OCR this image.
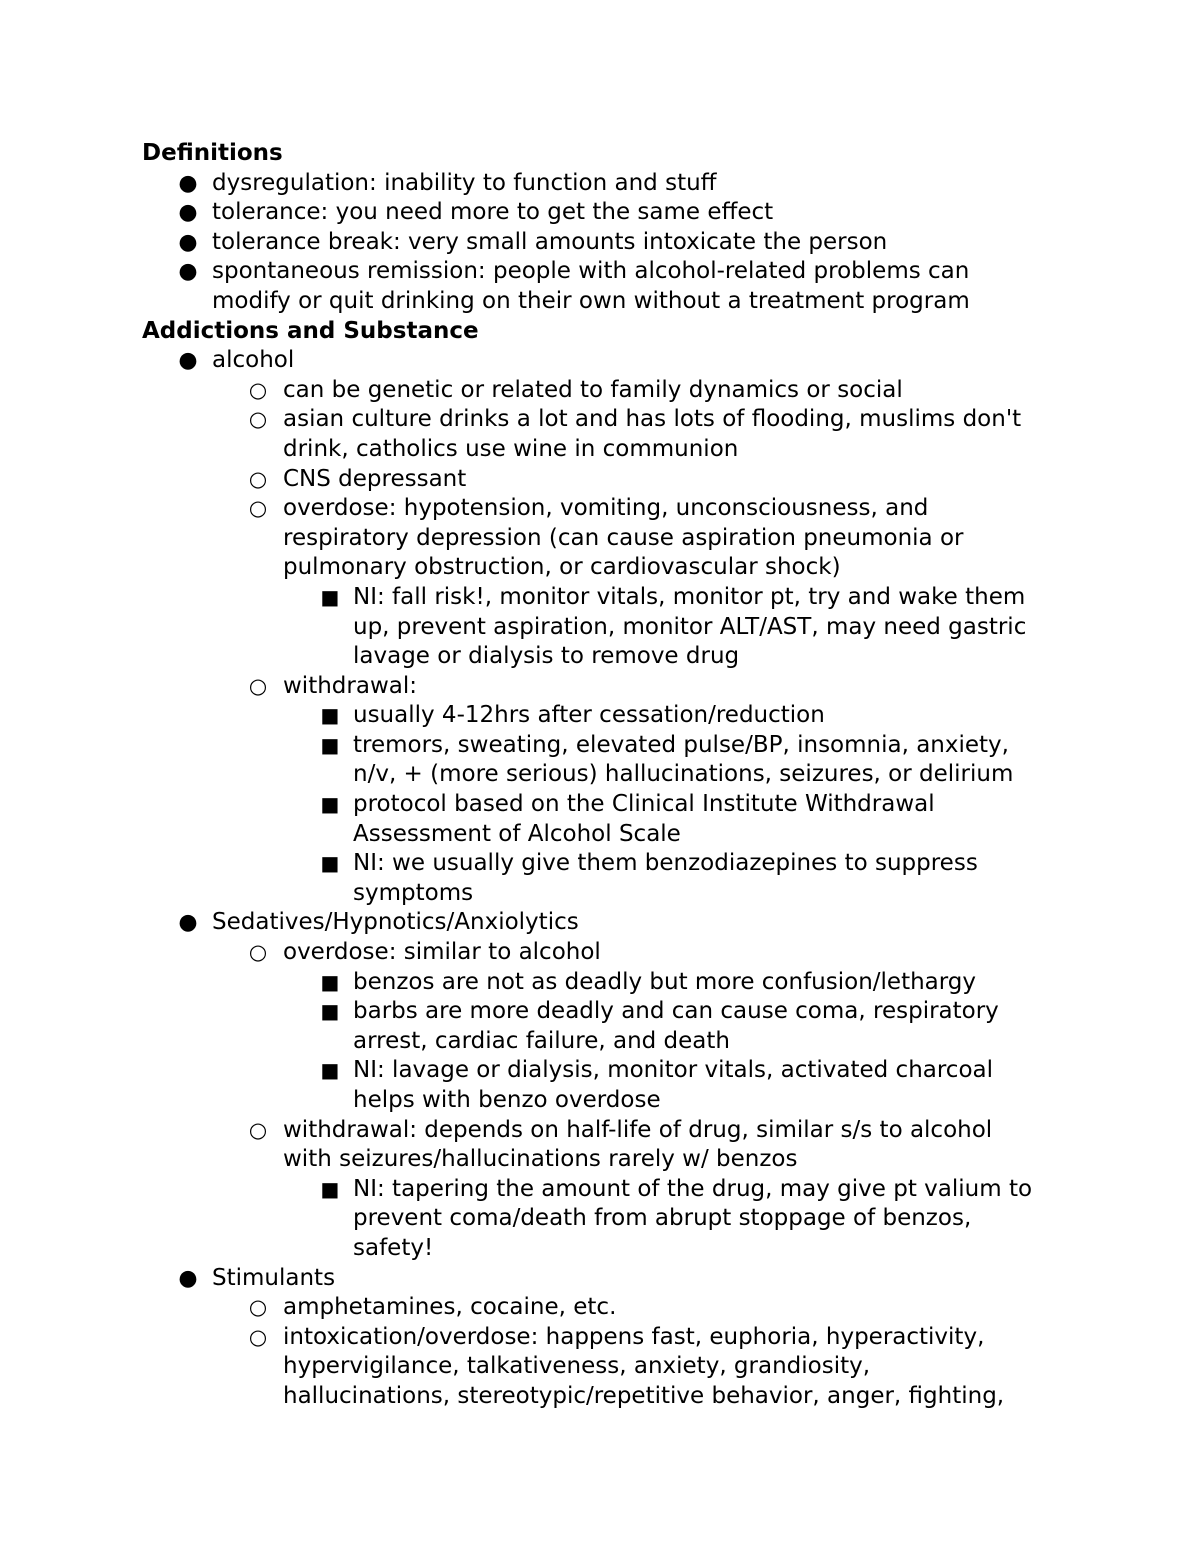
Definitions
● dysregulation: inability to function and stuff
● tolerance: you need more to get the same effect
● tolerance break: very small amounts intoxicate the person
● spontaneous remission: people with alcohol-related problems can
modify or quit drinking on their own without a treatment program
Addictions and Substance
● alcohol
○ can be genetic or related to family dynamics or social
○ asian culture drinks a lot and has lots of flooding, muslims don't
drink, catholics use wine in communion
○ CNS depressant
○ overdose: hypotension, vomiting, unconsciousness, and
respiratory depression (can cause aspiration pneumonia or
pulmonary obstruction, or cardiovascular shock)
■ NI: fall risk!, monitor vitals, monitor pt, try and wake them
up, prevent aspiration, monitor ALT/AST, may need gastric
lavage or dialysis to remove drug
○ withdrawal:
■ usually 4-12hrs after cessation/reduction
■ tremors, sweating, elevated pulse/BP, insomnia, anxiety,
n/v, + (more serious) hallucinations, seizures, or delirium
■ protocol based on the Clinical Institute Withdrawal
Assessment of Alcohol Scale
■ NI: we usually give them benzodiazepines to suppress
symptoms
● Sedatives/Hypnotics/Anxiolytics
○ overdose: similar to alcohol
■ benzos are not as deadly but more confusion/lethargy
■ barbs are more deadly and can cause coma, respiratory
arrest, cardiac failure, and death
■ NI: lavage or dialysis, monitor vitals, activated charcoal
helps with benzo overdose
○ withdrawal: depends on half-life of drug, similar s/s to alcohol
with seizures/hallucinations rarely w/ benzos
■ NI: tapering the amount of the drug, may give pt valium to
prevent coma/death from abrupt stoppage of benzos,
safety!
● Stimulants
○ amphetamines, cocaine, etc.
○ intoxication/overdose: happens fast, euphoria, hyperactivity,
hypervigilance, talkativeness, anxiety, grandiosity,
hallucinations, stereotypic/repetitive behavior, anger, fighting,
